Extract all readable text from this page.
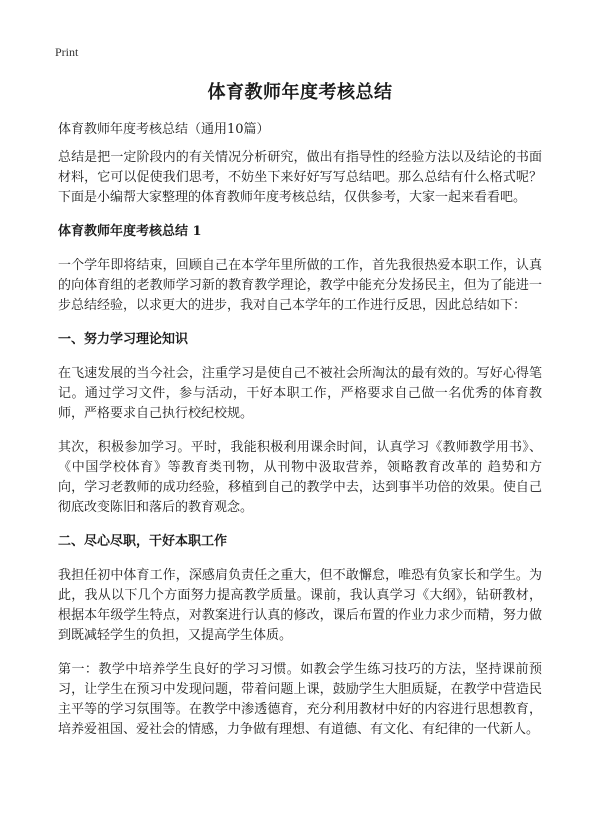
Print
体育教师年度考核总结

体育教师年度考核总结（通用10篇）

总结是把一定阶段内的有关情况分析研究，做出有指导性的经验方法以及结论的书面材料，它可以促使我们思考，不妨坐下来好好写写总结吧。那么总结有什么格式呢？下面是小编帮大家整理的体育教师年度考核总结，仅供参考，大家一起来看看吧。

体育教师年度考核总结 1

一个学年即将结束，回顾自己在本学年里所做的工作，首先我很热爱本职工作，认真的向体育组的老教师学习新的教育教学理论，教学中能充分发扬民主，但为了能进一步总结经验，以求更大的进步，我对自己本学年的工作进行反思，因此总结如下：

一、努力学习理论知识

在飞速发展的当今社会，注重学习是使自己不被社会所淘汰的最有效的。写好心得笔记。通过学习文件，参与活动，干好本职工作，严格要求自己做一名优秀的体育教师，严格要求自己执行校纪校规。

其次，积极参加学习。平时，我能积极利用课余时间，认真学习《教师教学用书》、《中国学校体育》等教育类刊物，从刊物中汲取营养，领略教育改革的 趋势和方向，学习老教师的成功经验，移植到自己的教学中去，达到事半功倍的效果。使自己彻底改变陈旧和落后的教育观念。

二、尽心尽职，干好本职工作

我担任初中体育工作，深感肩负责任之重大，但不敢懈怠，唯恐有负家长和学生。为此，我从以下几个方面努力提高教学质量。课前，我认真学习《大纲》，钻研教材，根据本年级学生特点，对教案进行认真的修改，课后布置的作业力求少而精，努力做到既减轻学生的负担，又提高学生体质。

第一：教学中培养学生良好的学习习惯。如教会学生练习技巧的方法，坚持课前预习，让学生在预习中发现问题，带着问题上课，鼓励学生大胆质疑，在教学中营造民主平等的学习氛围等。在教学中渗透德育，充分利用教材中好的内容进行思想教育，培养爱祖国、爱社会的情感，力争做有理想、有道德、有文化、有纪律的一代新人。
